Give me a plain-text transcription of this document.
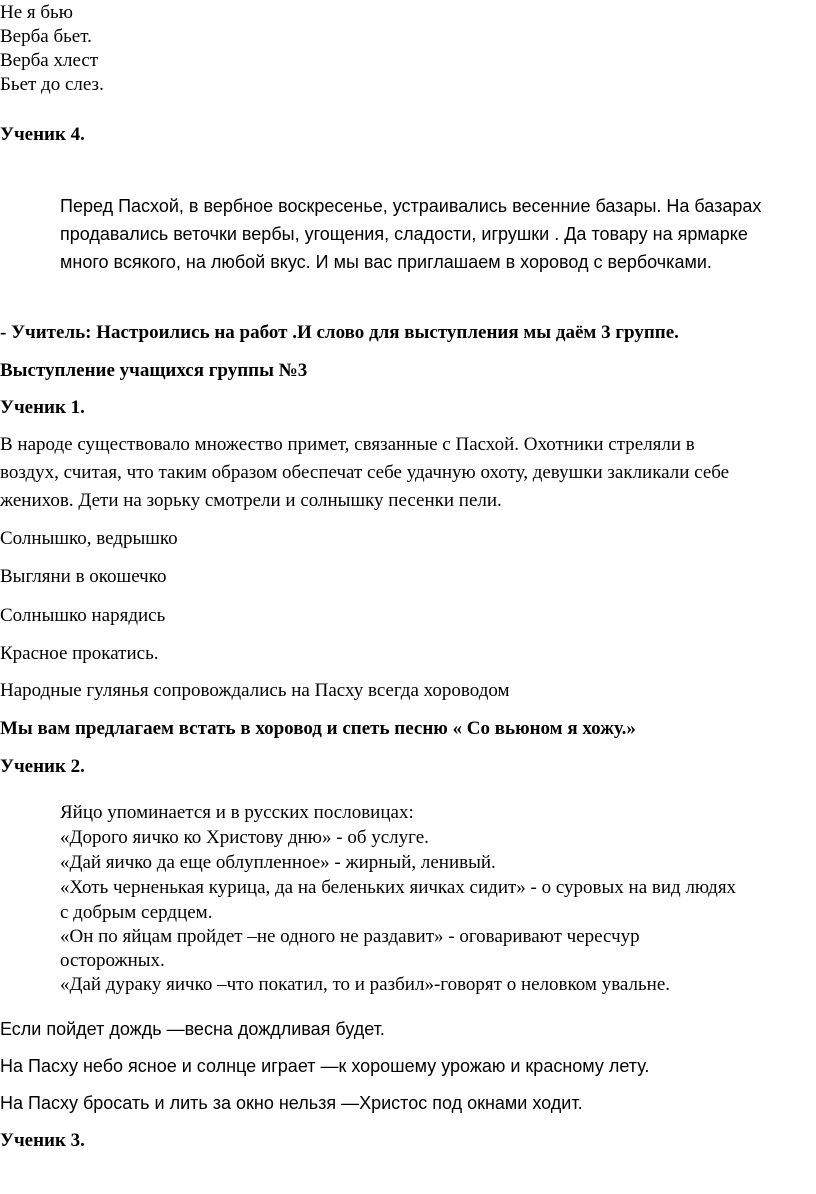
Не я бью
Верба бьет.
Верба хлест
Бьет до слез.
Ученик 4.
Перед Пасхой, в вербное воскресенье, устраивались весенние базары. На базарах
продавались веточки вербы, угощения, сладости, игрушки . Да товару на ярмарке
много всякого, на любой вкус. И мы вас приглашаем в хоровод с вербочками.
- Учитель: Настроились на работ .И слово для выступления мы даём 3 группе.
Выступление учащихся группы №3
Ученик 1.
В народе существовало множество примет, связанные с Пасхой. Охотники стреляли в
воздух, считая, что таким образом обеспечат себе удачную охоту, девушки закликали себе
женихов. Дети на зорьку смотрели и солнышку песенки пели.
Солнышко, ведрышко
Выгляни в окошечко
Солнышко нарядись
Красное прокатись.
Народные гулянья сопровождались на Пасху всегда хороводом
Мы вам предлагаем встать в хоровод и спеть песню « Со вьюном я хожу.»
Ученик 2.
Яйцо упоминается и в русских пословицах:
«Дорого яичко ко Христову дню» - об услуге.
«Дай яичко да еще облупленное» - жирный, ленивый.
«Хоть черненькая курица, да на беленьких яичках сидит» - о суровых на вид людях
с добрым сердцем.
«Он по яйцам пройдет –не одного не раздавит» - оговаривают чересчур
осторожных.
«Дай дураку яичко –что покатил, то и разбил»-говорят о неловком увальне.
Если пойдет дождь —весна дождливая будет.
На Пасху небо ясное и солнце играет —к хорошему урожаю и красному лету.
На Пасху бросать и лить за окно нельзя —Христос под окнами ходит.
Ученик 3.
